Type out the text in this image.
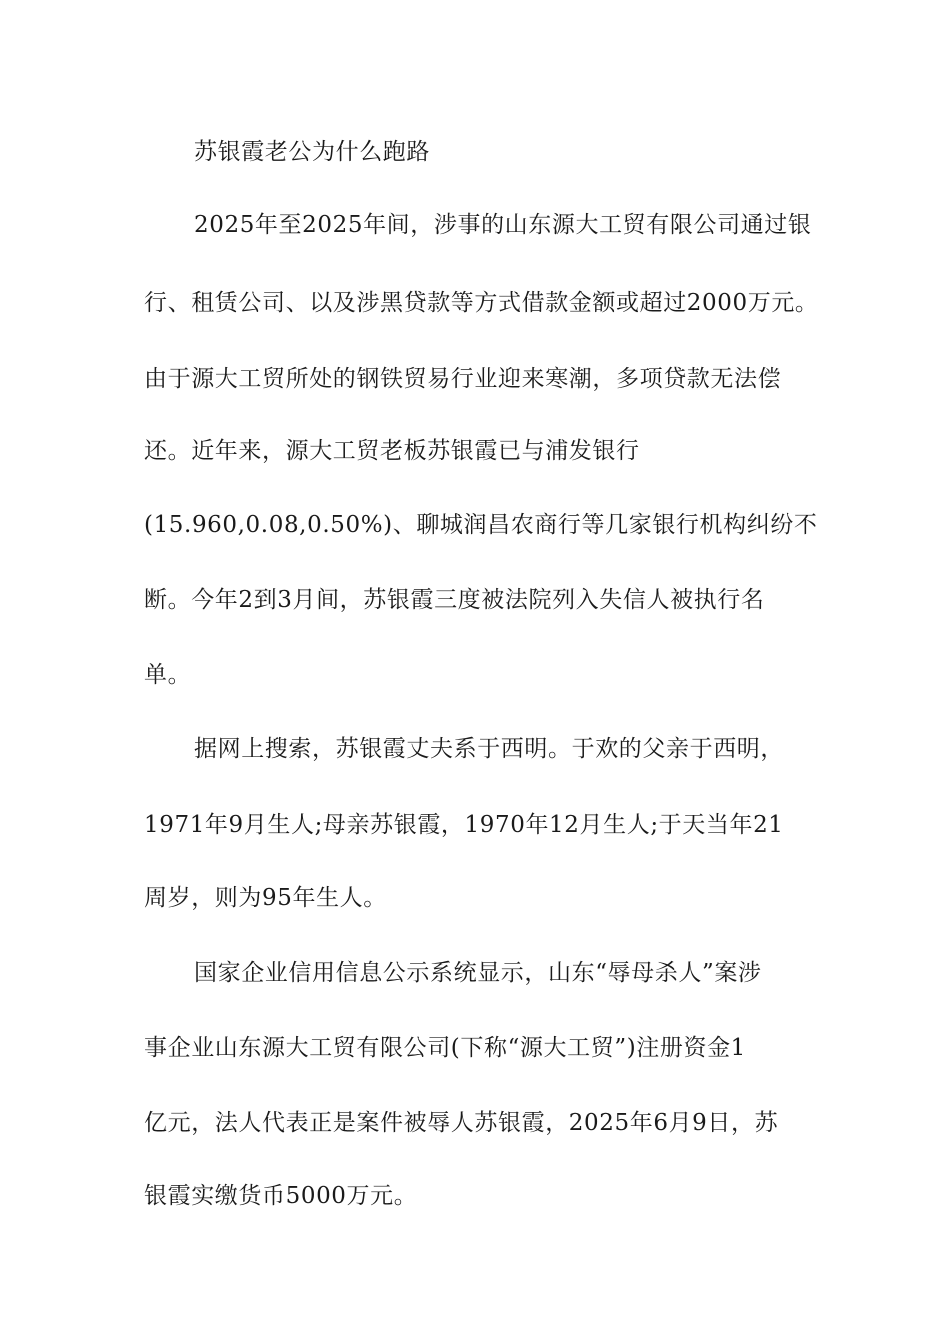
苏银霞老公为什么跑路
2025年至2025年间，涉事的山东源大工贸有限公司通过银
行、租赁公司、以及涉黑贷款等方式借款金额或超过2000万元。
由于源大工贸所处的钢铁贸易行业迎来寒潮，多项贷款无法偿
还。近年来，源大工贸老板苏银霞已与浦发银行
(15.960,0.08,0.50%)、聊城润昌农商行等几家银行机构纠纷不
断。今年2到3月间，苏银霞三度被法院列入失信人被执行名
单。
据网上搜索，苏银霞丈夫系于西明。于欢的父亲于西明，
1971年9月生人;母亲苏银霞，1970年12月生人;于天当年21
周岁，则为95年生人。
国家企业信用信息公示系统显示，山东“辱母杀人”案涉
事企业山东源大工贸有限公司(下称“源大工贸”)注册资金1
亿元，法人代表正是案件被辱人苏银霞，2025年6月9日，苏
银霞实缴货币5000万元。
